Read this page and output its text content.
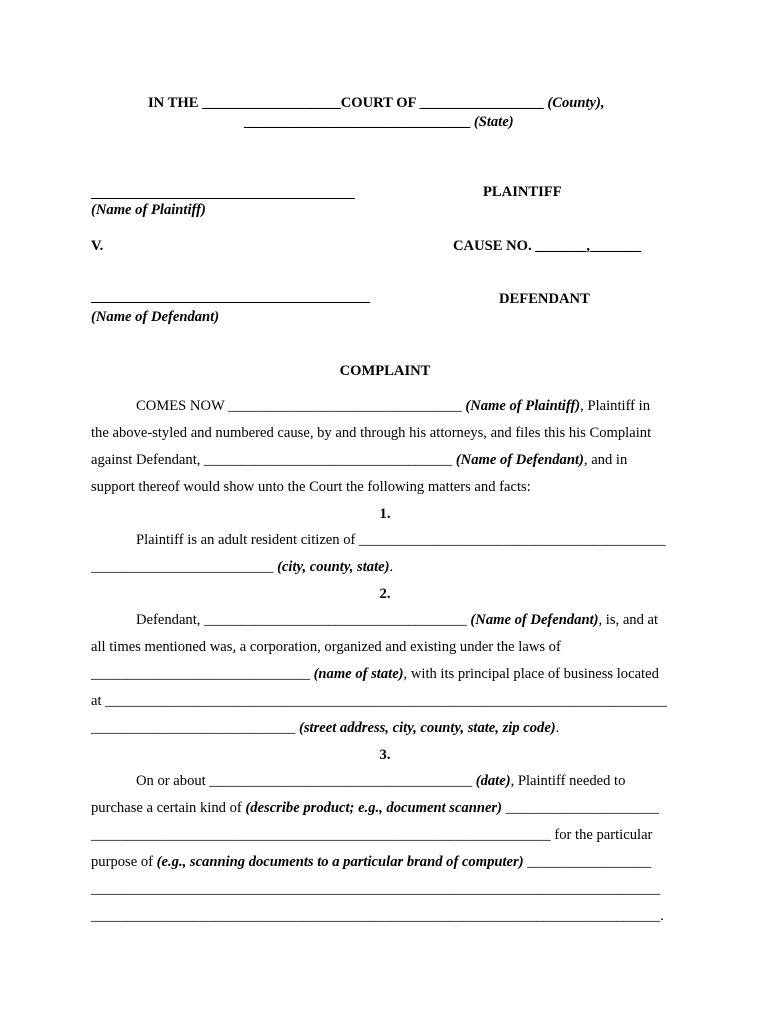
IN THE ___________________COURT OF _________________ (County),
_______________________________ (State)
(Name of Plaintiff)
PLAINTIFF
V.	CAUSE NO. _______,_______
(Name of Defendant)
DEFENDANT
COMPLAINT
COMES NOW ________________________________ (Name of Plaintiff), Plaintiff in
the above-styled and numbered cause, by and through his attorneys, and files this his Complaint
against Defendant, __________________________________ (Name of Defendant), and in
support thereof would show unto the Court the following matters and facts:
1.
Plaintiff is an adult resident citizen of __________________________________________
_________________________ (city, county, state).
2.
Defendant, ____________________________________ (Name of Defendant), is, and at
all times mentioned was, a corporation, organized and existing under the laws of
______________________________ (name of state), with its principal place of business located
at _____________________________________________________________________________
____________________________ (street address, city, county, state, zip code).
3.
On or about ____________________________________ (date), Plaintiff needed to
purchase a certain kind of (describe product; e.g., document scanner) _____________________
_______________________________________________________________ for the particular
purpose of (e.g., scanning documents to a particular brand of computer) _________________
______________________________________________________________________________
______________________________________________________________________________.
